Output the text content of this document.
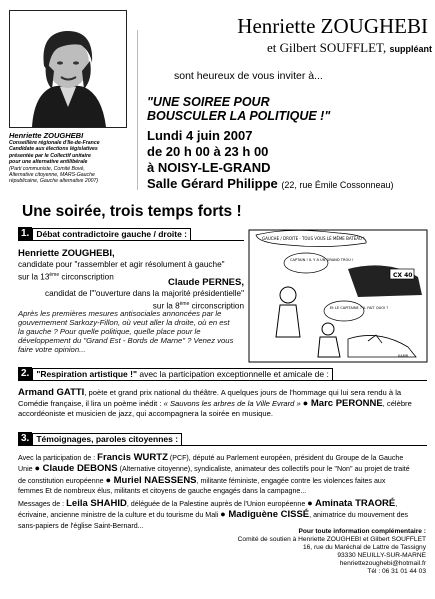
Henriette ZOUGHEBI
Conseillère régionale d'Ile-de-France
Candidate aux élections législatives
présentée par le Collectif unitaire
pour une alternative antilibérale
(Parti communiste, Comité Bové,
Alternative citoyenne, MARS-Gauche
républicaine, Gauche alternative 2007)
Henriette ZOUGHEBI
et Gilbert SOUFFLET, suppléant
sont heureux de vous inviter à...
"UNE SOIREE POUR
BOUSCULER LA POLITIQUE !"
Lundi 4 juin 2007
de 20 h 00 à 23 h 00
à NOISY-LE-GRAND
Salle Gérard Philippe (22, rue Émile Cossonneau)
Une soirée, trois temps forts !
1. Débat contradictoire gauche / droite :
Henriette ZOUGHEBI,
candidate pour "rassembler et agir résolument à gauche"
sur la 13ème circonscription	Claude PERNES,
candidat de l'"ouverture dans la majorité présidentielle"
sur la 8ème circonscription
Après les premières mesures antisociales annoncées par le
gouvernement Sarkozy-Fillon, où veut aller la droite, où en est
la gauche ? Pour quelle politique, quelle place pour le
développement du "Grand Est - Bords de Marne" ? Venez vous
faire votre opinion...
GAUCHE / DROITE · TOUS VOUS LE MÊME BATEAU !
CAPTAIN ! IL Y A UN GRAND TROU !
Et LE CAPITAINE ? IL FAIT QUOI ?
CX 40
KAMB...
2. "Respiration artistique !" avec la participation exceptionnelle et amicale de :
Armand GATTI, poète et grand prix national du théâtre. A quelques jours de l'hommage qui lui sera rendu à la
Comédie française, il lira un poème inédit : « Sauvons les arbres de la Ville Evrard » ● Marc PERONNE, célèbre
accordéoniste et musicien de jazz, qui accompagnera la soirée en musique.
3. Témoignages, paroles citoyennes :
Avec la participation de : Francis WURTZ (PCF), député au Parlement européen, président du Groupe de la Gauche
Unie ● Claude DEBONS (Alternative citoyenne), syndicaliste, animateur des collectifs pour le "Non" au projet de traité
de constitution européenne ● Muriel NAESSENS, militante féministe, engagée contre les violences faites aux
femmes Et de nombreux élus, militants et citoyens de gauche engagés dans la campagne...
Messages de : Leila SHAHID, déléguée de la Palestine auprès de l'Union européenne ● Aminata TRAORÉ,
écrivaine, ancienne ministre de la culture et du tourisme du Mali ● Madiguène CISSÉ, animatrice du mouvement des
sans-papiers de l'église Saint-Bernard...
Pour toute information complémentaire :
Comité de soutien à Henriette ZOUGHEBI et Gilbert SOUFFLET
16, rue du Maréchal de Lattre de Tassigny
93330 NEUILLY-SUR-MARNE
henriettezoughebi@hotmail.fr
Tél : 06 31 01 44 03
